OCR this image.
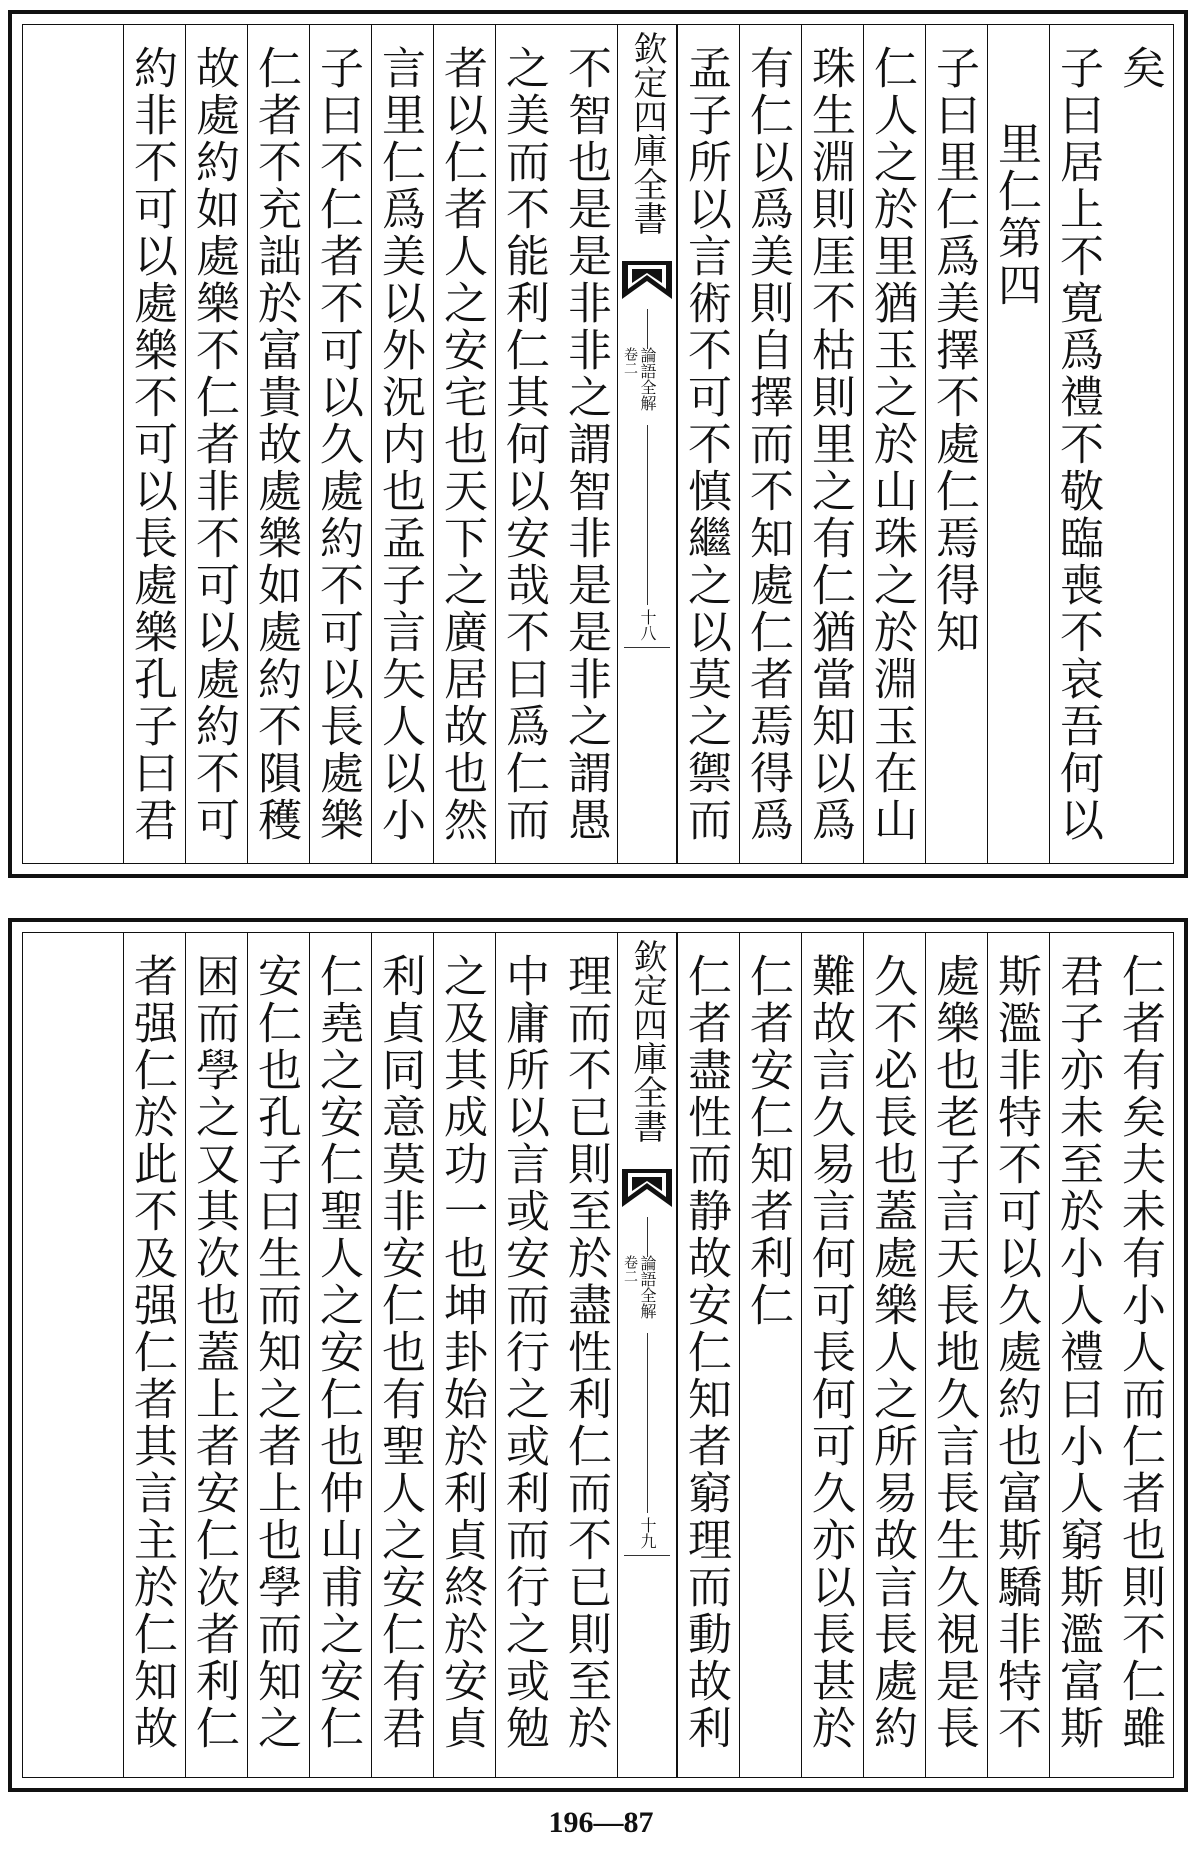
矣
子曰居上不寛爲禮不敬臨喪不哀吾何以
里仁第四
子曰里仁爲美擇不處仁焉得知
仁人之於里猶玉之於山珠之於淵玉在山
珠生淵則厓不枯則里之有仁猶當知以爲
有仁以爲美則自擇而不知處仁者焉得爲
孟子所以言術不可不慎繼之以莫之禦而
欽定四庫全書
論語全解
卷二
十八
不智也是是非非之謂智非是是非之謂愚
之美而不能利仁其何以安哉不曰爲仁而
者以仁者人之安宅也天下之廣居故也然
言里仁爲美以外況内也孟子言矢人以小
子曰不仁者不可以久處約不可以長處樂
仁者不充詘於富貴故處樂如處約不隕穫
故處約如處樂不仁者非不可以處約不可
約非不可以處樂不可以長處樂孔子曰君
仁者有矣夫未有小人而仁者也則不仁雖
君子亦未至於小人禮曰小人窮斯濫富斯
斯濫非特不可以久處約也富斯驕非特不
處樂也老子言天長地久言長生久視是長
久不必長也蓋處樂人之所易故言長處約
難故言久易言何可長何可久亦以長甚於
仁者安仁知者利仁
仁者盡性而静故安仁知者窮理而動故利
欽定四庫全書
論語全解
卷二
十九
理而不已則至於盡性利仁而不已則至於
中庸所以言或安而行之或利而行之或勉
之及其成功一也坤卦始於利貞終於安貞
利貞同意莫非安仁也有聖人之安仁有君
仁堯之安仁聖人之安仁也仲山甫之安仁
安仁也孔子曰生而知之者上也學而知之
困而學之又其次也蓋上者安仁次者利仁
者强仁於此不及强仁者其言主於仁知故
196—87
